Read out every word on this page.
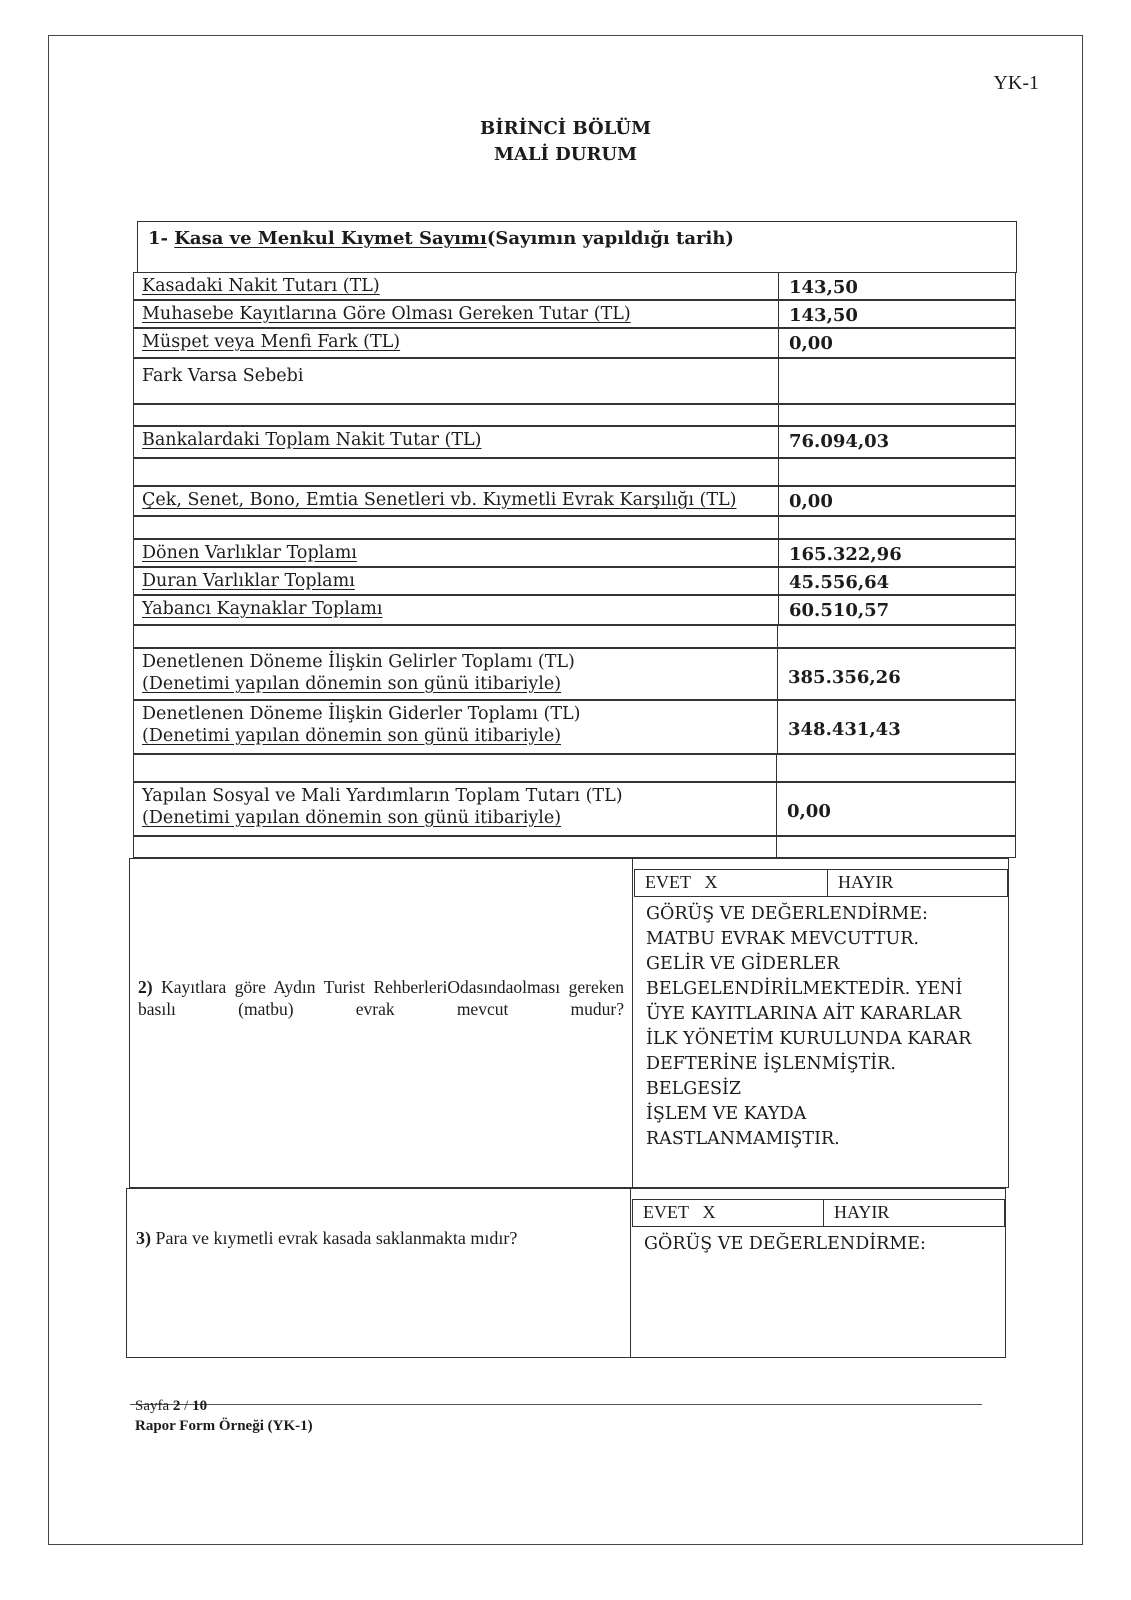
YK-1
BİRİNCİ BÖLÜM
MALİ DURUM
1- Kasa ve Menkul Kıymet Sayımı(Sayımın yapıldığı tarih)
Kasadaki Nakit Tutarı (TL)	143,50
Muhasebe Kayıtlarına Göre Olması Gereken Tutar (TL)	143,50
Müspet veya Menfi Fark (TL)	0,00
Fark Varsa Sebebi
Bankalardaki Toplam Nakit Tutar (TL)	76.094,03
Çek, Senet, Bono, Emtia Senetleri vb. Kıymetli Evrak Karşılığı (TL)	0,00
Dönen Varlıklar Toplamı	165.322,96
Duran Varlıklar Toplamı	45.556,64
Yabancı Kaynaklar Toplamı	60.510,57
Denetlenen Döneme İlişkin Gelirler Toplamı (TL)
(Denetimi yapılan dönemin son günü itibariyle)	385.356,26
Denetlenen Döneme İlişkin Giderler Toplamı (TL)
(Denetimi yapılan dönemin son günü itibariyle)	348.431,43
Yapılan Sosyal ve Mali Yardımların Toplam Tutarı (TL)
(Denetimi yapılan dönemin son günü itibariyle)	0,00
2) Kayıtlara göre Aydın Turist RehberleriOdasındaolması gereken basılı (matbu) evrak mevcut mudur?
EVET X	HAYIR
GÖRÜŞ VE DEĞERLENDİRME:
MATBU EVRAK MEVCUTTUR.
GELİR VE GİDERLER
BELGELENDİRİLMEKTEDİR. YENİ
ÜYE KAYITLARINA AİT KARARLAR
İLK YÖNETİM KURULUNDA KARAR
DEFTERİNE İŞLENMİŞTİR. BELGESİZ
İŞLEM VE KAYDA
RASTLANMAMIŞTIR.
3) Para ve kıymetli evrak kasada saklanmakta mıdır?
EVET X	HAYIR
GÖRÜŞ VE DEĞERLENDİRME:
Sayfa 2 / 10
Rapor Form Örneği (YK-1)
